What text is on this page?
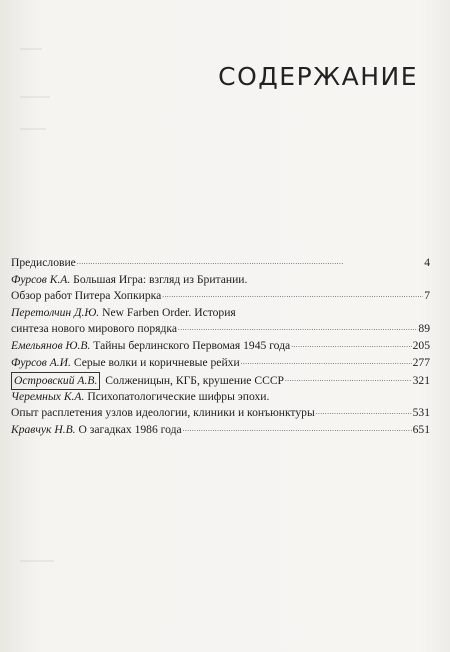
СОДЕРЖАНИЕ
Предисловие . . .	4
Фурсов К.А. Большая Игра: взгляд из Британии.
Обзор работ Питера Хопкирка . . .	7
Перетолчин Д.Ю. New Farben Order. История
синтеза нового мирового порядка . . .	89
Емельянов Ю.В. Тайны берлинского Первомая 1945 года . . .	205
Фурсов А.И. Серые волки и коричневые рейхи . . .	277
Островский А.В. Солженицын, КГБ, крушение СССР . . .	321
Черемных К.А. Психопатологические шифры эпохи.
Опыт расплетения узлов идеологии, клиники и конъюнктуры . . .	531
Кравчук Н.В. О загадках 1986 года . . .	651
